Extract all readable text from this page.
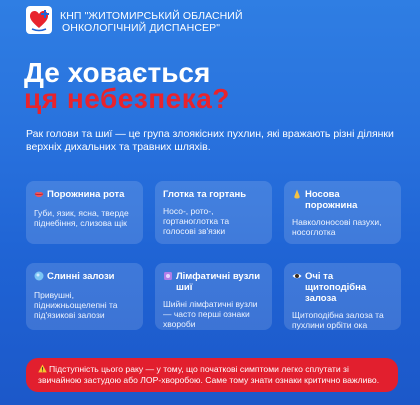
КНП "ЖИТОМИРСЬКИЙ ОБЛАСНИЙ
ОНКОЛОГІЧНИЙ ДИСПАНСЕР"
Де ховається
ця небезпека?
Рак голови та шиї — це група злоякісних пухлин, які вражають різні ділянки верхніх дихальних та травних шляхів.
Порожнина рота
Губи, язик, ясна, тверде піднебіння, слизова щік
Глотка та гортань
Носо-, рото-, гортаноглотка та голосові зв'язки
Носова порожнина
Навколоносові пазухи, носоглотка
Слинні залози
Привушні, піднижньощелепні та під'язикові залози
Лімфатичні вузли шиї
Шийні лімфатичні вузли — часто перші ознаки хвороби
Очі та щитоподібна залоза
Щитоподібна залоза та пухлини орбіти ока
Підступність цього раку — у тому, що початкові симптоми легко сплутати зі звичайною застудою або ЛОР-хворобою. Саме тому знати ознаки критично важливо.
